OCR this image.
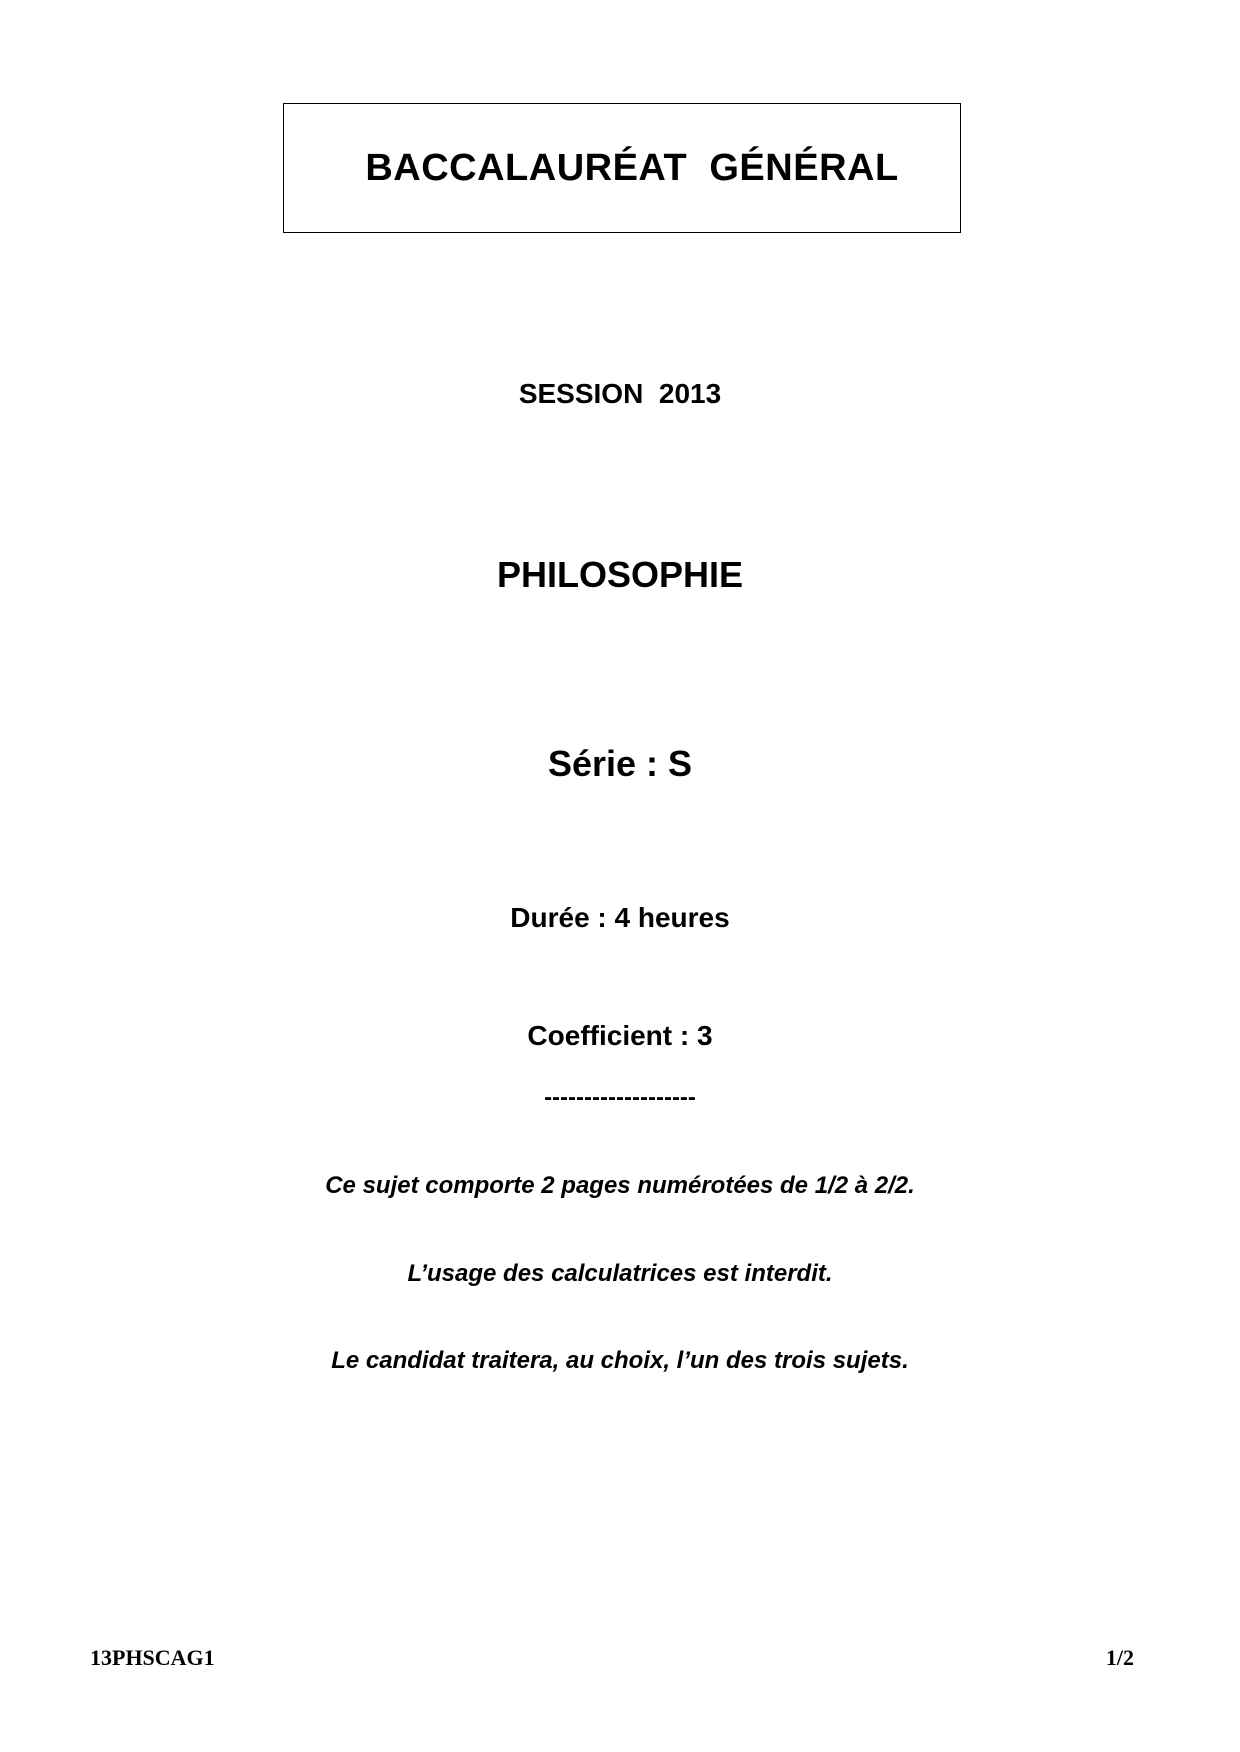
BACCALAURÉAT  GÉNÉRAL
SESSION  2013
PHILOSOPHIE
Série : S
Durée : 4 heures
Coefficient : 3
-------------------
Ce sujet comporte 2 pages numérotées de 1/2 à 2/2.
L’usage des calculatrices est interdit.
Le candidat traitera, au choix, l’un des trois sujets.
13PHSCAG1	1/2
